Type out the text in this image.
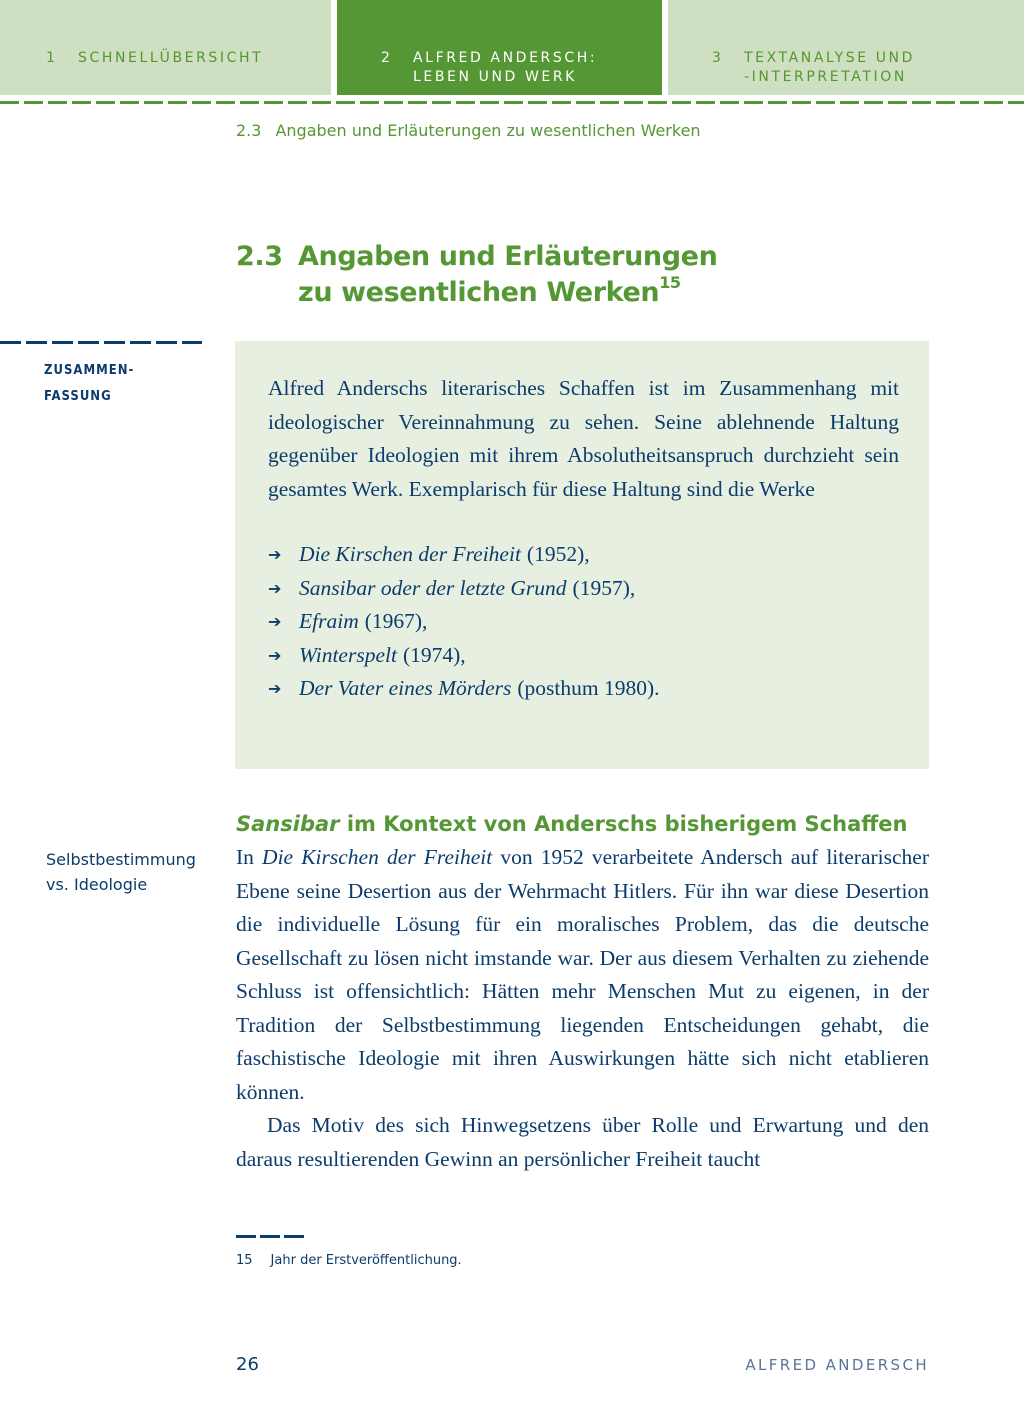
1 SCHNELLÜBERSICHT	2 ALFRED ANDERSCH:
LEBEN UND WERK
3 TEXTANALYSE UND
-INTERPRETATION
2.3 Angaben und Erläuterungen zu wesentlichen Werken
2.3 Angaben und Erläuterungen
zu wesentlichen Werken$^{15}$
ZUSAMMEN-
FASSUNG	Alfred Anderschs literarisches Schaffen ist im Zusammenhang mit ideologischer Vereinnahmung zu sehen. Seine ablehnende Haltung gegenüber Ideologien mit ihrem Absolutheitsanspruch durchzieht sein gesamtes Werk. Exemplarisch für diese Haltung sind die Werke

➔ Die Kirschen der Freiheit (1952),
➔ Sansibar oder der letzte Grund (1957),
➔ Efraim (1967),
➔ Winterspelt (1974),
➔ Der Vater eines Mörders (posthum 1980).
Sansibar im Kontext von Anderschs bisherigem Schaffen
Selbstbestimmung
vs. Ideologie

In Die Kirschen der Freiheit von 1952 verarbeitete Andersch auf literarischer Ebene seine Desertion aus der Wehrmacht Hitlers. Für ihn war diese Desertion die individuelle Lösung für ein moralisches Problem, das die deutsche Gesellschaft zu lösen nicht imstande war. Der aus diesem Verhalten zu ziehende Schluss ist offensichtlich: Hätten mehr Menschen Mut zu eigenen, in der Tradition der Selbstbestimmung liegenden Entscheidungen gehabt, die faschistische Ideologie mit ihren Auswirkungen hätte sich nicht etablieren können.

Das Motiv des sich Hinwegsetzens über Rolle und Erwartung und den daraus resultierenden Gewinn an persönlicher Freiheit taucht

15 Jahr der Erstveröffentlichung.
26	ALFRED ANDERSCH
